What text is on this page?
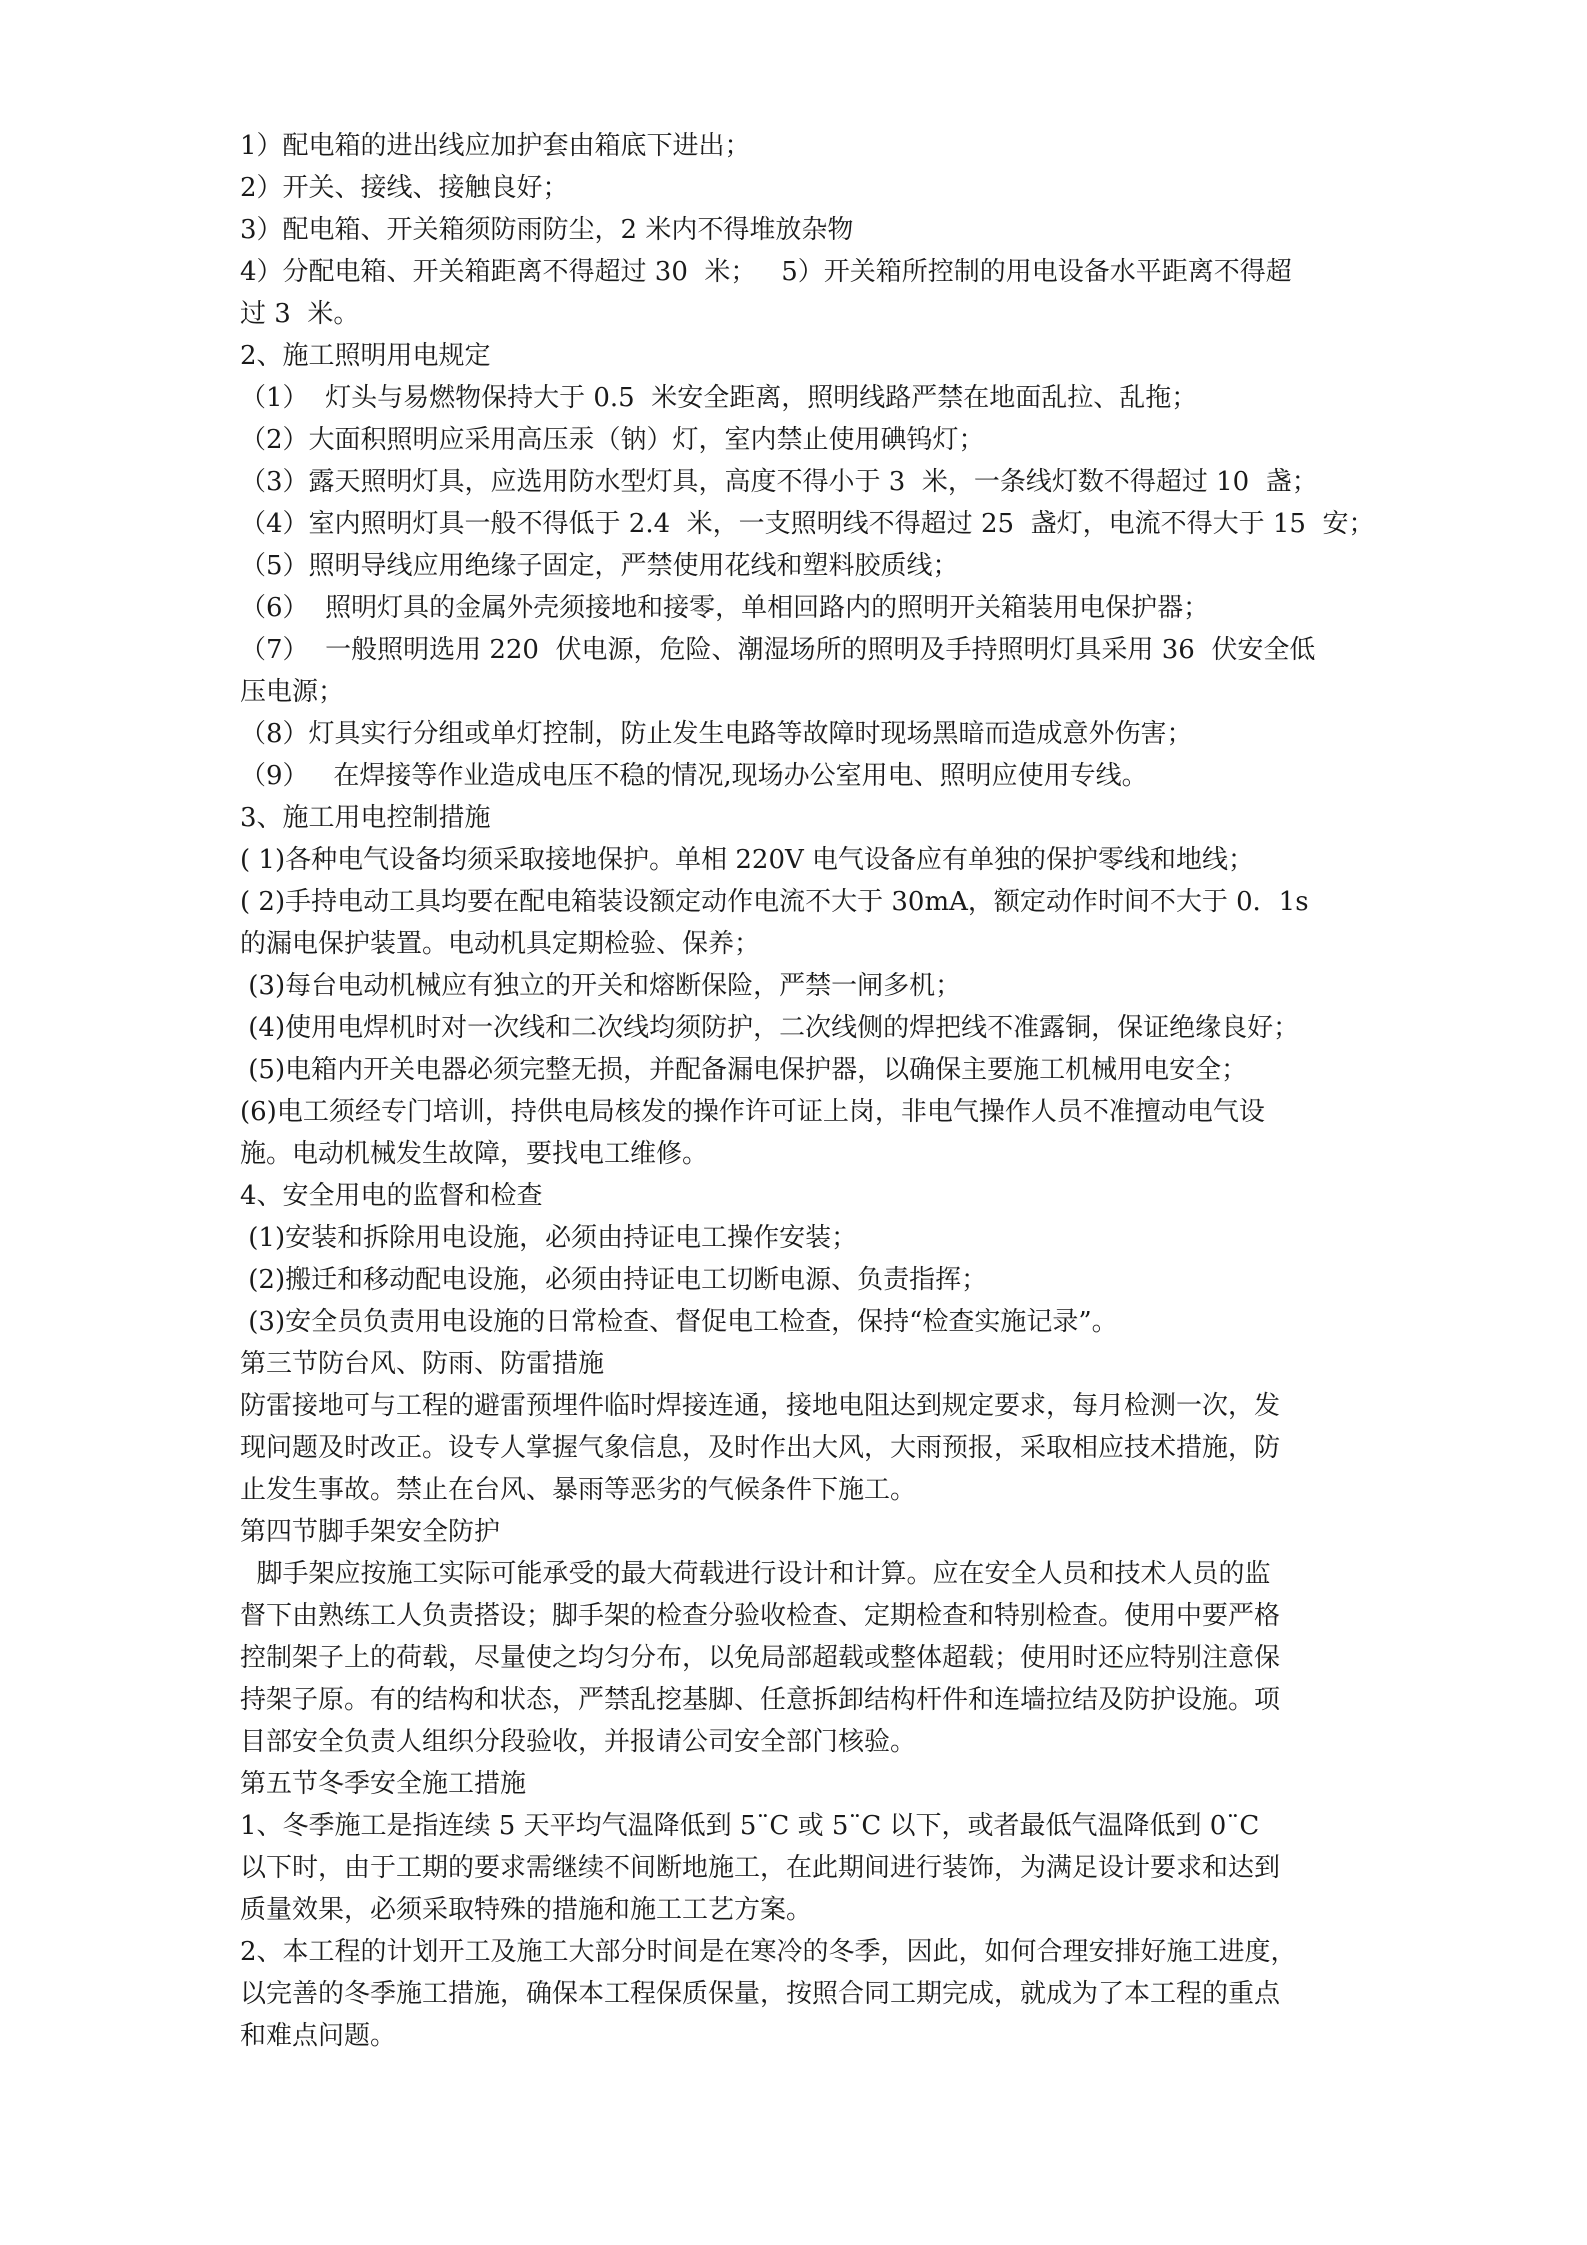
1）配电箱的进出线应加护套由箱底下进出；
2）开关、接线、接触良好；
3）配电箱、开关箱须防雨防尘，2 米内不得堆放杂物
4）分配电箱、开关箱距离不得超过 30  米；   5）开关箱所控制的用电设备水平距离不得超
过 3  米。
2、施工照明用电规定
（1）  灯头与易燃物保持大于 0.5  米安全距离，照明线路严禁在地面乱拉、乱拖；
（2）大面积照明应采用高压汞（钠）灯，室内禁止使用碘钨灯；
（3）露天照明灯具，应选用防水型灯具，高度不得小于 3  米，一条线灯数不得超过 10  盏；
（4）室内照明灯具一般不得低于 2.4  米，一支照明线不得超过 25  盏灯，电流不得大于 15  安；
（5）照明导线应用绝缘子固定，严禁使用花线和塑料胶质线；
（6）  照明灯具的金属外壳须接地和接零，单相回路内的照明开关箱装用电保护器；
（7）  一般照明选用 220  伏电源，危险、潮湿场所的照明及手持照明灯具采用 36  伏安全低
压电源；
（8）灯具实行分组或单灯控制，防止发生电路等故障时现场黑暗而造成意外伤害；
（9）   在焊接等作业造成电压不稳的情况,现场办公室用电、照明应使用专线。
3、施工用电控制措施
( 1)各种电气设备均须采取接地保护。单相 220V 电气设备应有单独的保护零线和地线；
( 2)手持电动工具均要在配电箱装设额定动作电流不大于 30mA，额定动作时间不大于 0．1s
的漏电保护装置。电动机具定期检验、保养；
(3)每台电动机械应有独立的开关和熔断保险，严禁一闸多机；
(4)使用电焊机时对一次线和二次线均须防护，二次线侧的焊把线不准露铜，保证绝缘良好；
(5)电箱内开关电器必须完整无损，并配备漏电保护器，以确保主要施工机械用电安全；
(6)电工须经专门培训，持供电局核发的操作许可证上岗，非电气操作人员不准擅动电气设
施。电动机械发生故障，要找电工维修。
4、安全用电的监督和检查
(1)安装和拆除用电设施，必须由持证电工操作安装；
(2)搬迁和移动配电设施，必须由持证电工切断电源、负责指挥；
(3)安全员负责用电设施的日常检查、督促电工检查，保持“检查实施记录”。
第三节防台风、防雨、防雷措施
防雷接地可与工程的避雷预埋件临时焊接连通，接地电阻达到规定要求，每月检测一次，发
现问题及时改正。设专人掌握气象信息，及时作出大风，大雨预报，采取相应技术措施，防
止发生事故。禁止在台风、暴雨等恶劣的气候条件下施工。
第四节脚手架安全防护
脚手架应按施工实际可能承受的最大荷载进行设计和计算。应在安全人员和技术人员的监
督下由熟练工人负责搭设；脚手架的检查分验收检查、定期检查和特别检查。使用中要严格
控制架子上的荷载，尽量使之均匀分布，以免局部超载或整体超载；使用时还应特别注意保
持架子原。有的结构和状态，严禁乱挖基脚、任意拆卸结构杆件和连墙拉结及防护设施。项
目部安全负责人组织分段验收，并报请公司安全部门核验。
第五节冬季安全施工措施
1、冬季施工是指连续 5 天平均气温降低到 5¨C 或 5¨C 以下，或者最低气温降低到 0¨C
以下时，由于工期的要求需继续不间断地施工，在此期间进行装饰，为满足设计要求和达到
质量效果，必须采取特殊的措施和施工工艺方案。
2、本工程的计划开工及施工大部分时间是在寒冷的冬季，因此，如何合理安排好施工进度，
以完善的冬季施工措施，确保本工程保质保量，按照合同工期完成，就成为了本工程的重点
和难点问题。
